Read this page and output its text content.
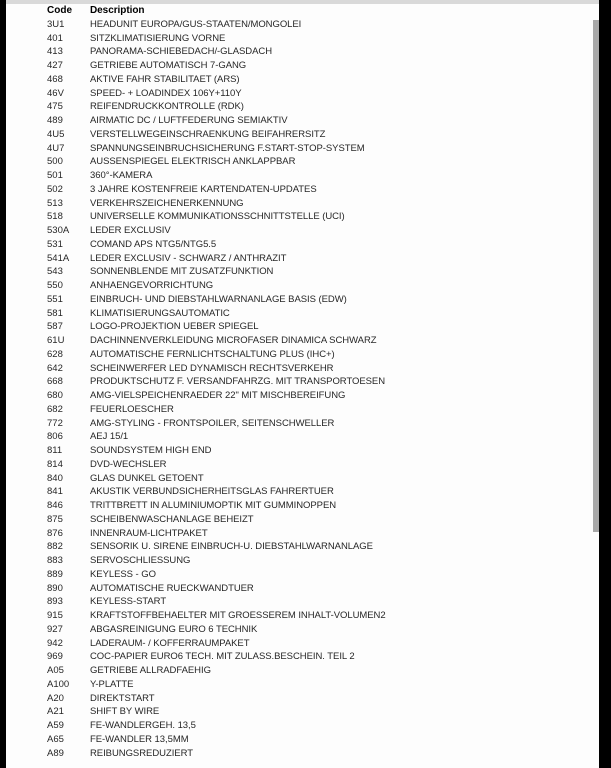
Code	Description
3U1	HEADUNIT EUROPA/GUS-STAATEN/MONGOLEI
401	SITZKLIMATISIERUNG VORNE
413	PANORAMA-SCHIEBEDACH/-GLASDACH
427	GETRIEBE AUTOMATISCH 7-GANG
468	AKTIVE FAHR STABILITAET (ARS)
46V	SPEED- + LOADINDEX 106Y+110Y
475	REIFENDRUCKKONTROLLE (RDK)
489	AIRMATIC DC / LUFTFEDERUNG SEMIAKTIV
4U5	VERSTELLWEGEINSCHRAENKUNG BEIFAHRERSITZ
4U7	SPANNUNGSEINBRUCHSICHERUNG F.START-STOP-SYSTEM
500	AUSSENSPIEGEL ELEKTRISCH ANKLAPPBAR
501	360°-KAMERA
502	3 JAHRE KOSTENFREIE KARTENDATEN-UPDATES
513	VERKEHRSZEICHENERKENNUNG
518	UNIVERSELLE KOMMUNIKATIONSSCHNITTSTELLE (UCI)
530A	LEDER EXCLUSIV
531	COMAND APS NTG5/NTG5.5
541A	LEDER EXCLUSIV - SCHWARZ / ANTHRAZIT
543	SONNENBLENDE MIT ZUSATZFUNKTION
550	ANHAENGEVORRICHTUNG
551	EINBRUCH- UND DIEBSTAHLWARNANLAGE BASIS (EDW)
581	KLIMATISIERUNGSAUTOMATIC
587	LOGO-PROJEKTION UEBER SPIEGEL
61U	DACHINNENVERKLEIDUNG MICROFASER DINAMICA SCHWARZ
628	AUTOMATISCHE FERNLICHTSCHALTUNG PLUS (IHC+)
642	SCHEINWERFER LED DYNAMISCH RECHTSVERKEHR
668	PRODUKTSCHUTZ F. VERSANDFAHRZG. MIT TRANSPORTOESEN
680	AMG-VIELSPEICHENRAEDER 22" MIT MISCHBEREIFUNG
682	FEUERLOESCHER
772	AMG-STYLING - FRONTSPOILER, SEITENSCHWELLER
806	AEJ 15/1
811	SOUNDSYSTEM HIGH END
814	DVD-WECHSLER
840	GLAS DUNKEL GETOENT
841	AKUSTIK VERBUNDSICHERHEITSGLAS FAHRERTUER
846	TRITTBRETT IN ALUMINIUMOPTIK MIT GUMMINOPPEN
875	SCHEIBENWASCHANLAGE BEHEIZT
876	INNENRAUM-LICHTPAKET
882	SENSORIK U. SIRENE EINBRUCH-U. DIEBSTAHLWARNANLAGE
883	SERVOSCHLIESSUNG
889	KEYLESS - GO
890	AUTOMATISCHE RUECKWANDTUER
893	KEYLESS-START
915	KRAFTSTOFFBEHAELTER MIT GROESSEREM INHALT-VOLUMEN2
927	ABGASREINIGUNG EURO 6 TECHNIK
942	LADERAUM- / KOFFERRAUMPAKET
969	COC-PAPIER EURO6 TECH. MIT ZULASS.BESCHEIN. TEIL 2
A05	GETRIEBE ALLRADFAEHIG
A100	Y-PLATTE
A20	DIREKTSTART
A21	SHIFT BY WIRE
A59	FE-WANDLERGEH. 13,5
A65	FE-WANDLER 13,5MM
A89	REIBUNGSREDUZIERT
